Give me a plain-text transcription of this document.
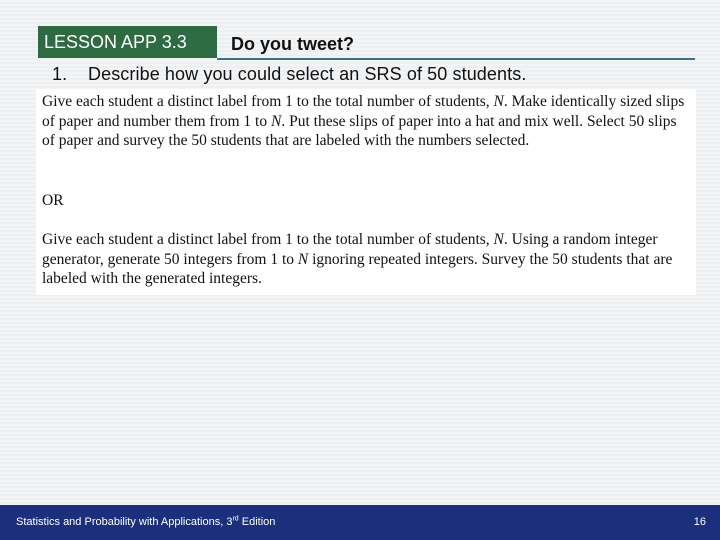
LESSON APP 3.3	Do you tweet?
1. Describe how you could select an SRS of 50 students.

Give each student a distinct label from 1 to the total number of students, N. Make identically sized slips of paper and number them from 1 to N. Put these slips of paper into a hat and mix well. Select 50 slips of paper and survey the 50 students that are labeled with the numbers selected.

OR

Give each student a distinct label from 1 to the total number of students, N. Using a random integer generator, generate 50 integers from 1 to N ignoring repeated integers. Survey the 50 students that are labeled with the generated integers.

Statistics and Probability with Applications, 3rd Edition	16
